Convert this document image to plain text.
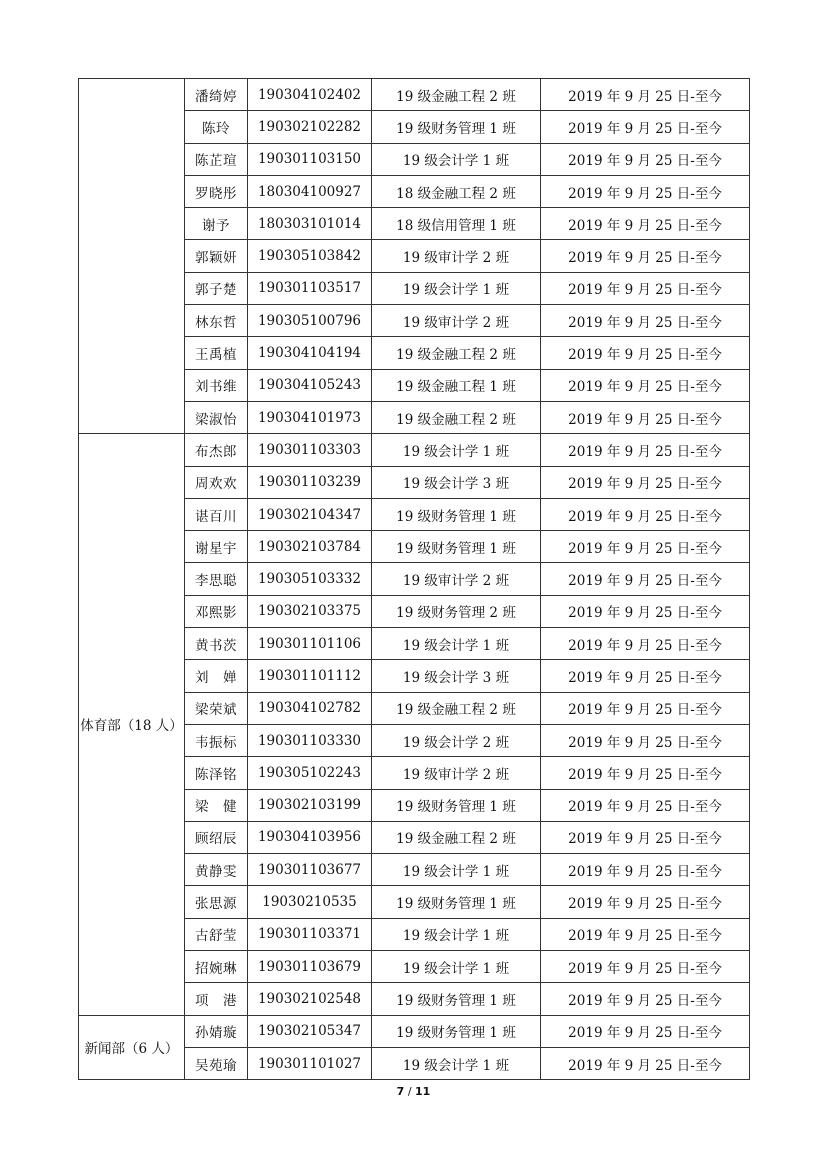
	潘绮婷	190304102402	19 级金融工程 2 班	2019 年 9 月 25 日-至今
	陈玲	190302102282	19 级财务管理 1 班	2019 年 9 月 25 日-至今
	陈芷瑄	190301103150	19 级会计学 1 班	2019 年 9 月 25 日-至今
	罗晓彤	180304100927	18 级金融工程 2 班	2019 年 9 月 25 日-至今
	谢予	180303101014	18 级信用管理 1 班	2019 年 9 月 25 日-至今
	郭颖妍	190305103842	19 级审计学 2 班	2019 年 9 月 25 日-至今
	郭子楚	190301103517	19 级会计学 1 班	2019 年 9 月 25 日-至今
	林东哲	190305100796	19 级审计学 2 班	2019 年 9 月 25 日-至今
	王禹植	190304104194	19 级金融工程 2 班	2019 年 9 月 25 日-至今
	刘书维	190304105243	19 级金融工程 1 班	2019 年 9 月 25 日-至今
	梁淑怡	190304101973	19 级金融工程 2 班	2019 年 9 月 25 日-至今
体育部（18 人）	布杰郎	190301103303	19 级会计学 1 班	2019 年 9 月 25 日-至今
	周欢欢	190301103239	19 级会计学 3 班	2019 年 9 月 25 日-至今
	谌百川	190302104347	19 级财务管理 1 班	2019 年 9 月 25 日-至今
	谢星宇	190302103784	19 级财务管理 1 班	2019 年 9 月 25 日-至今
	李思聪	190305103332	19 级审计学 2 班	2019 年 9 月 25 日-至今
	邓熙影	190302103375	19 级财务管理 2 班	2019 年 9 月 25 日-至今
	黄书茨	190301101106	19 级会计学 1 班	2019 年 9 月 25 日-至今
	刘　婵	190301101112	19 级会计学 3 班	2019 年 9 月 25 日-至今
	梁荣斌	190304102782	19 级金融工程 2 班	2019 年 9 月 25 日-至今
	韦振标	190301103330	19 级会计学 2 班	2019 年 9 月 25 日-至今
	陈泽铭	190305102243	19 级审计学 2 班	2019 年 9 月 25 日-至今
	梁　健	190302103199	19 级财务管理 1 班	2019 年 9 月 25 日-至今
	顾绍辰	190304103956	19 级金融工程 2 班	2019 年 9 月 25 日-至今
	黄静雯	190301103677	19 级会计学 1 班	2019 年 9 月 25 日-至今
	张思源	19030210535	19 级财务管理 1 班	2019 年 9 月 25 日-至今
	古舒莹	190301103371	19 级会计学 1 班	2019 年 9 月 25 日-至今
	招婉琳	190301103679	19 级会计学 1 班	2019 年 9 月 25 日-至今
	项　港	190302102548	19 级财务管理 1 班	2019 年 9 月 25 日-至今
新闻部（6 人）	孙婧璇	190302105347	19 级财务管理 1 班	2019 年 9 月 25 日-至今
	吴苑瑜	190301101027	19 级会计学 1 班	2019 年 9 月 25 日-至今
7 / 11
